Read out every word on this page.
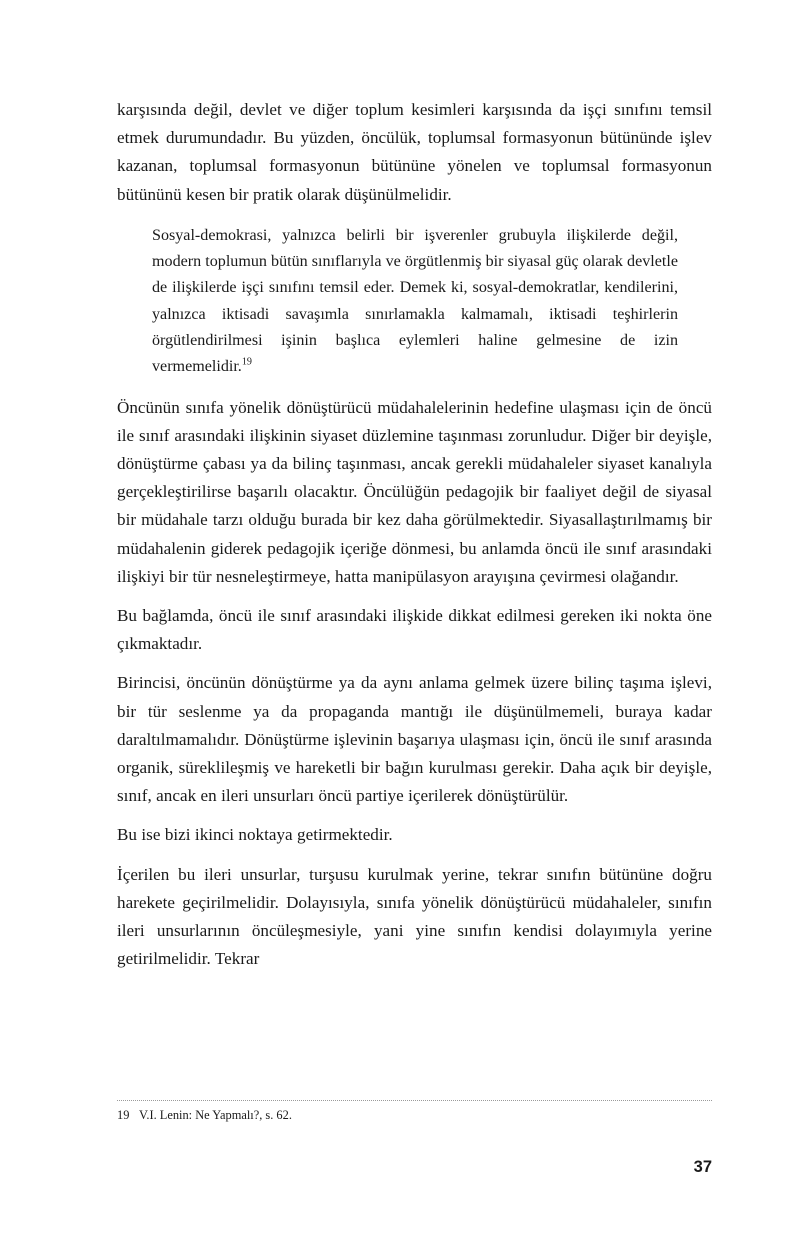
karşısında değil, devlet ve diğer toplum kesimleri karşısında da işçi sınıfını temsil etmek durumundadır. Bu yüzden, öncülük, toplumsal formasyonun bütününde işlev kazanan, toplumsal formasyonun bütününe yönelen ve toplumsal formasyonun bütününü kesen bir pratik olarak düşünülmelidir.

Sosyal-demokrasi, yalnızca belirli bir işverenler grubuyla ilişkilerde değil, modern toplumun bütün sınıflarıyla ve örgütlenmiş bir siyasal güç olarak devletle de ilişkilerde işçi sınıfını temsil eder. Demek ki, sosyal-demokratlar, kendilerini, yalnızca iktisadi savaşımla sınırlamakla kalmamalı, iktisadi teşhirlerin örgütlendirilmesi işinin başlıca eylemleri haline gelmesine de izin vermemelidir.$^{19}$

Öncünün sınıfa yönelik dönüştürücü müdahalelerinin hedefine ulaşması için de öncü ile sınıf arasındaki ilişkinin siyaset düzlemine taşınması zorunludur. Diğer bir deyişle, dönüştürme çabası ya da bilinç taşınması, ancak gerekli müdahaleler siyaset kanalıyla gerçekleştirilirse başarılı olacaktır. Öncülüğün pedagojik bir faaliyet değil de siyasal bir müdahale tarzı olduğu burada bir kez daha görülmektedir. Siyasallaştırılmamış bir müdahalenin giderek pedagojik içeriğe dönmesi, bu anlamda öncü ile sınıf arasındaki ilişkiyi bir tür nesneleştirmeye, hatta manipülasyon arayışına çevirmesi olağandır.

Bu bağlamda, öncü ile sınıf arasındaki ilişkide dikkat edilmesi gereken iki nokta öne çıkmaktadır.

Birincisi, öncünün dönüştürme ya da aynı anlama gelmek üzere bilinç taşıma işlevi, bir tür seslenme ya da propaganda mantığı ile düşünülmemeli, buraya kadar daraltılmamalıdır. Dönüştürme işlevinin başarıya ulaşması için, öncü ile sınıf arasında organik, süreklileşmiş ve hareketli bir bağın kurulması gerekir. Daha açık bir deyişle, sınıf, ancak en ileri unsurları öncü partiye içerilerek dönüştürülür.

Bu ise bizi ikinci noktaya getirmektedir.

İçerilen bu ileri unsurlar, turşusu kurulmak yerine, tekrar sınıfın bütününe doğru harekete geçirilmelidir. Dolayısıyla, sınıfa yönelik dönüştürücü müdahaleler, sınıfın ileri unsurlarının öncüleşmesiyle, yani yine sınıfın kendisi dolayımıyla yerine getirilmelidir. Tekrar

19 V.I. Lenin: Ne Yapmalı?, s. 62.

37
